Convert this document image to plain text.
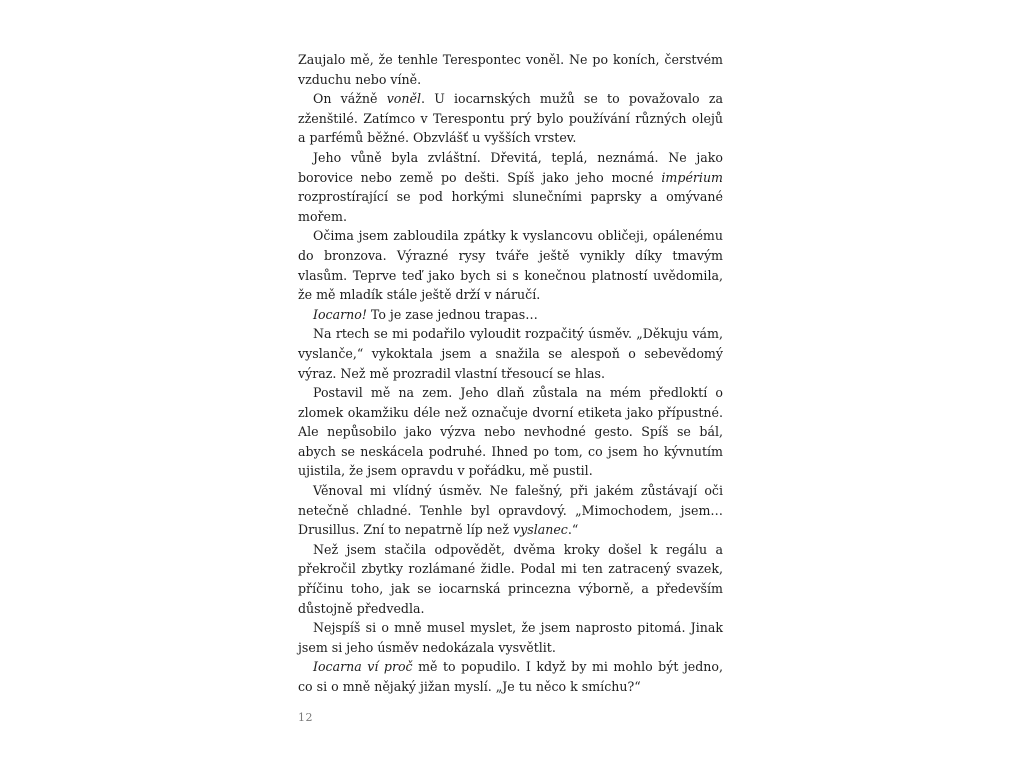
Zaujalo mě, že tenhle Terespontec voněl. Ne po koních, čerstvém vzduchu nebo víně.

On vážně voněl. U iocarnských mužů se to považovalo za zženštilé. Zatímco v Terespontu prý bylo používání různých olejů a parfémů běžné. Obzvlášť u vyšších vrstev.

Jeho vůně byla zvláštní. Dřevitá, teplá, neznámá. Ne jako borovice nebo země po dešti. Spíš jako jeho mocné impérium rozprostírající se pod horkými slunečními paprsky a omývané mořem.

Očima jsem zabloudila zpátky k vyslancovu obličeji, opálenému do bronzova. Výrazné rysy tváře ještě vynikly díky tmavým vlasům. Teprve teď jako bych si s konečnou platností uvědomila, že mě mladík stále ještě drží v náručí.

Iocarno! To je zase jednou trapas…

Na rtech se mi podařilo vyloudit rozpačitý úsměv. „Děkuju vám, vyslanče,“ vykoktala jsem a snažila se alespoň o sebevědomý výraz. Než mě prozradil vlastní třesoucí se hlas.

Postavil mě na zem. Jeho dlaň zůstala na mém předloktí o zlomek okamžiku déle než označuje dvorní etiketa jako přípustné. Ale nepůsobilo jako výzva nebo nevhodné gesto. Spíš se bál, abych se neskácela podruhé. Ihned po tom, co jsem ho kývnutím ujistila, že jsem opravdu v pořádku, mě pustil.

Věnoval mi vlídný úsměv. Ne falešný, při jakém zůstávají oči netečně chladné. Tenhle byl opravdový. „Mimochodem, jsem… Drusillus. Zní to nepatrně líp než vyslanec.“

Než jsem stačila odpovědět, dvěma kroky došel k regálu a překročil zbytky rozlámané židle. Podal mi ten zatracený svazek, příčinu toho, jak se iocarnská princezna výborně, a především důstojně předvedla.

Nejspíš si o mně musel myslet, že jsem naprosto pitomá. Jinak jsem si jeho úsměv nedokázala vysvětlit.

Iocarna ví proč mě to popudilo. I když by mi mohlo být jedno, co si o mně nějaký jižan myslí. „Je tu něco k smíchu?“

12
